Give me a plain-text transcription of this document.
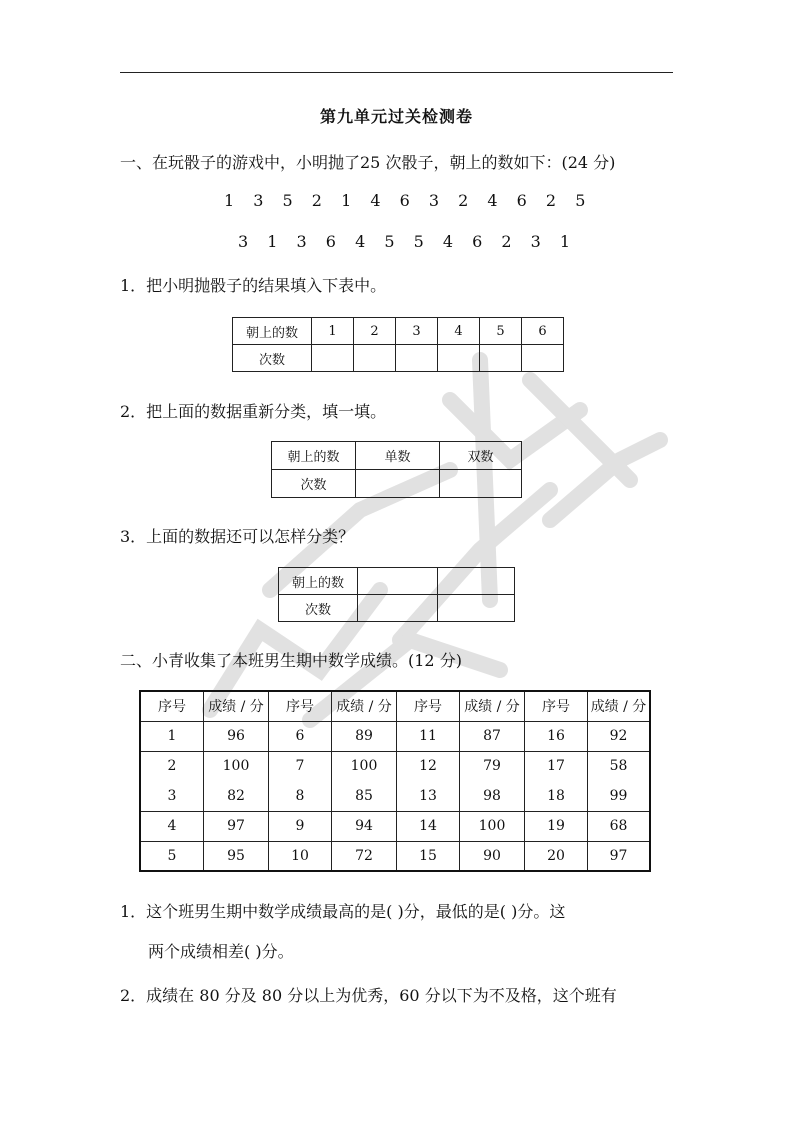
第九单元过关检测卷
一、在玩骰子的游戏中，小明抛了25 次骰子，朝上的数如下：(24 分)
1 3 5 2 1 4 6 3 2 4 6 2 5
3 1 3 6 4 5 5 4 6 2 3 1
1．把小明抛骰子的结果填入下表中。
朝上的数	1	2	3	4	5	6
次数						
2．把上面的数据重新分类，填一填。
朝上的数	单数	双数
次数		
3．上面的数据还可以怎样分类？
朝上的数		
次数		
二、小青收集了本班男生期中数学成绩。(12 分)
序号	成绩 / 分	序号	成绩 / 分	序号	成绩 / 分	序号	成绩 / 分
1	96	6	89	11	87	16	92
2	100	7	100	12	79	17	58
3	82	8	85	13	98	18	99
4	97	9	94	14	100	19	68
5	95	10	72	15	90	20	97
1．这个班男生期中数学成绩最高的是( )分，最低的是( )分。这
两个成绩相差( )分。
2．成绩在 80 分及 80 分以上为优秀，60 分以下为不及格，这个班有
